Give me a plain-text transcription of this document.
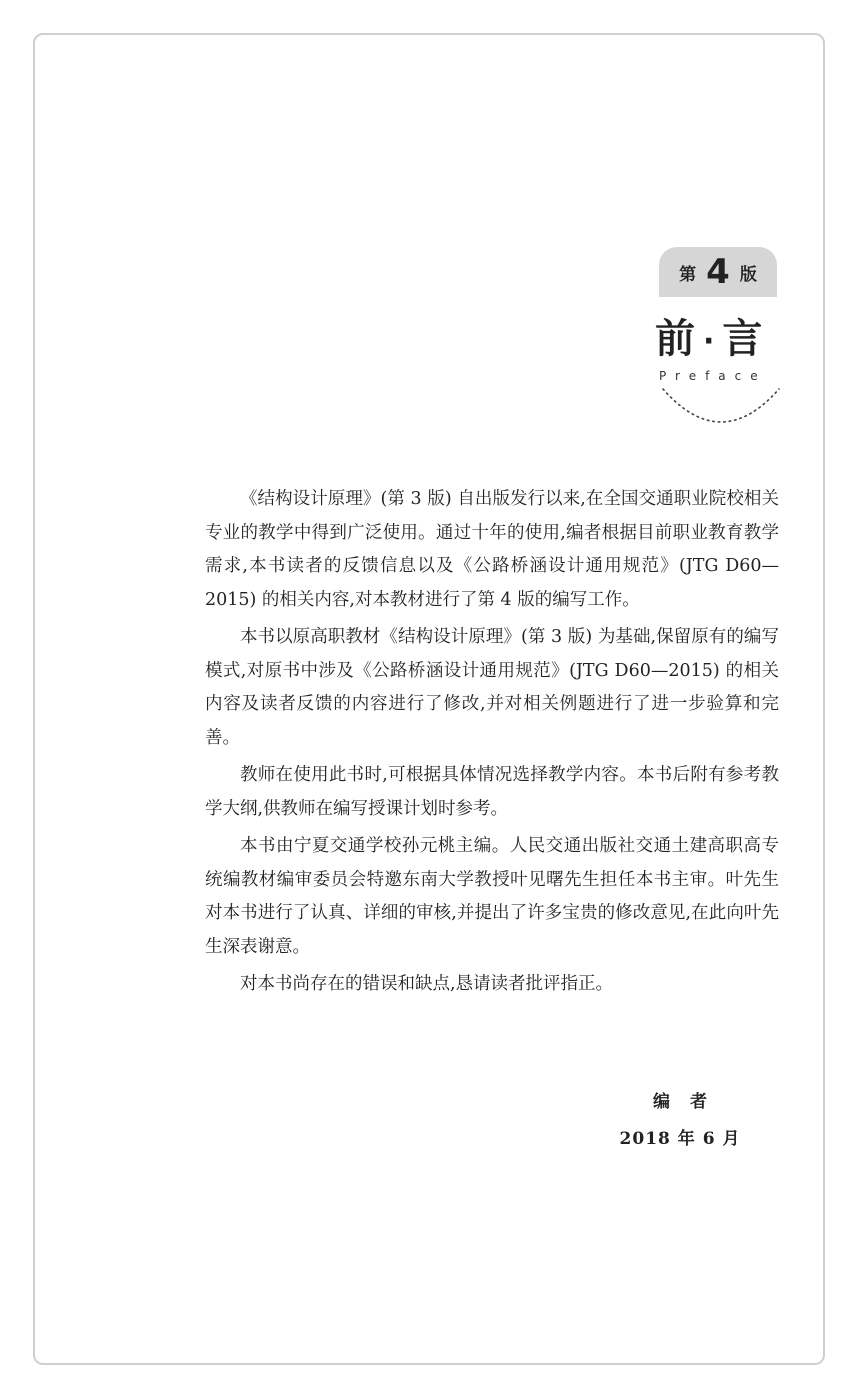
第 4 版
前 · 言
Preface

《结构设计原理》(第 3 版) 自出版发行以来,在全国交通职业院校相关专业的教学中得到广泛使用。通过十年的使用,编者根据目前职业教育教学需求,本书读者的反馈信息以及《公路桥涵设计通用规范》(JTG D60—2015) 的相关内容,对本教材进行了第 4 版的编写工作。

本书以原高职教材《结构设计原理》(第 3 版) 为基础,保留原有的编写模式,对原书中涉及《公路桥涵设计通用规范》(JTG D60—2015) 的相关内容及读者反馈的内容进行了修改,并对相关例题进行了进一步验算和完善。

教师在使用此书时,可根据具体情况选择教学内容。本书后附有参考教学大纲,供教师在编写授课计划时参考。

本书由宁夏交通学校孙元桃主编。人民交通出版社交通土建高职高专统编教材编审委员会特邀东南大学教授叶见曙先生担任本书主审。叶先生对本书进行了认真、详细的审核,并提出了许多宝贵的修改意见,在此向叶先生深表谢意。

对本书尚存在的错误和缺点,恳请读者批评指正。

编者
2018 年 6 月
